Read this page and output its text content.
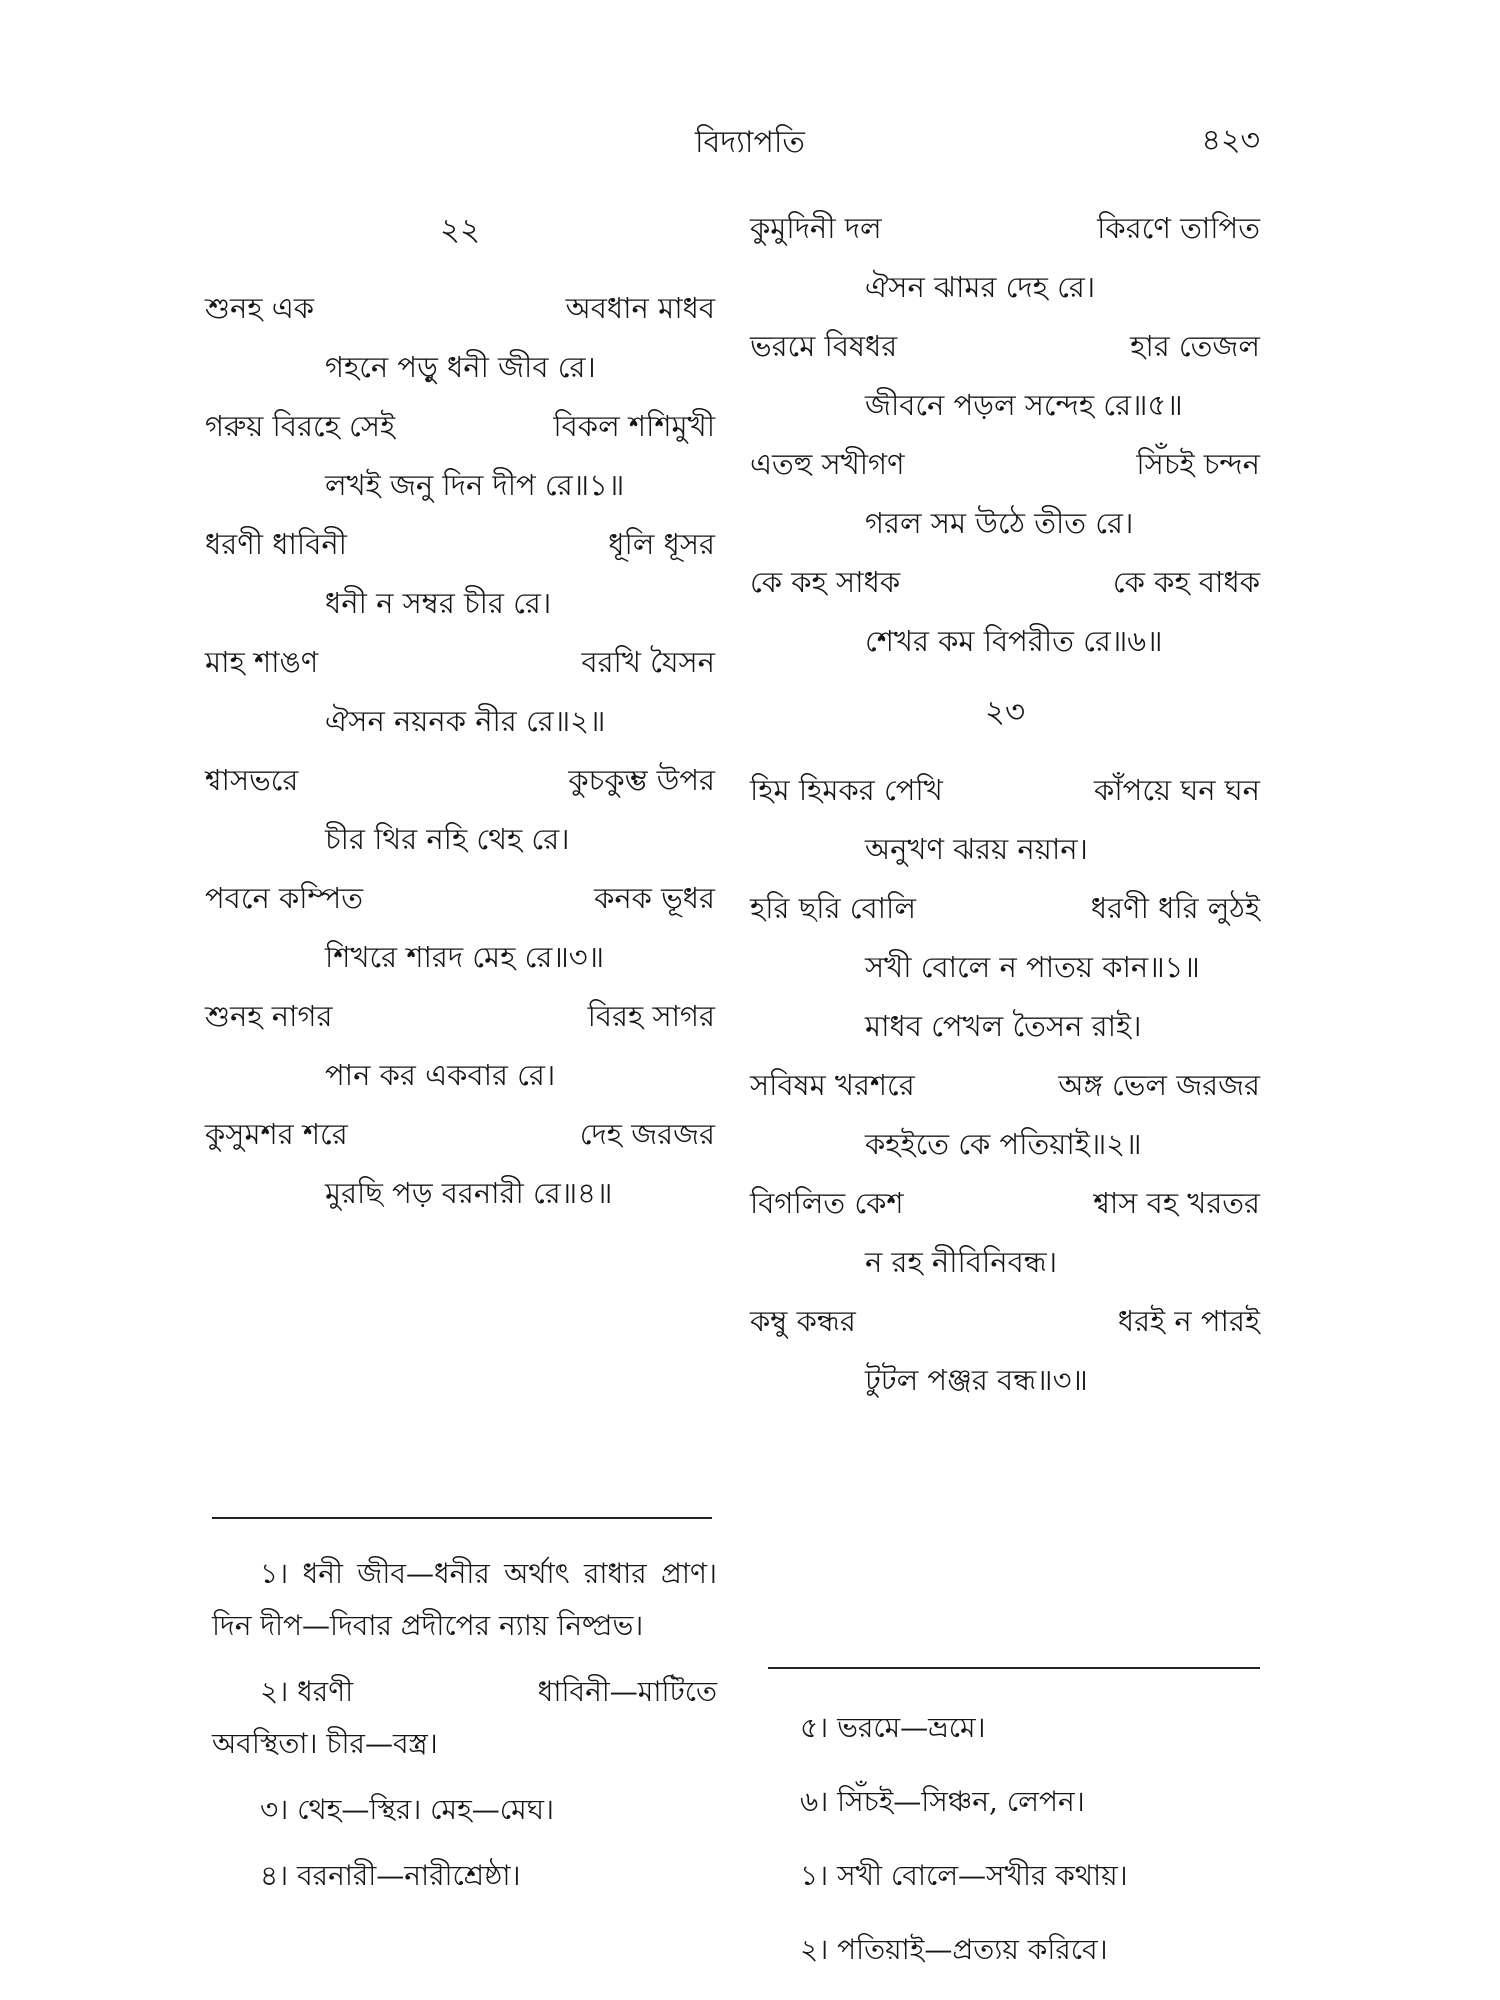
বিদ্যাপতি	৪২৩
২২
শুনহ এক	অবধান মাধব
গহনে পড়ু ধনী জীব রে।
গরুয় বিরহে সেই	বিকল শশিমুখী
লখই জনু দিন দীপ রে॥১॥
ধরণী ধাবিনী	ধূলি ধূসর
ধনী ন সম্বর চীর রে।
মাহ শাঙণ	বরখি যৈসন
ঐসন নয়নক নীর রে॥২॥
শ্বাসভরে	কুচকুম্ভ উপর
চীর থির নহি থেহ রে।
পবনে কম্পিত	কনক ভূধর
শিখরে শারদ মেহ রে॥৩॥
শুনহ নাগর	বিরহ সাগর
পান কর একবার রে।
কুসুমশর শরে	দেহ জরজর
মুরছি পড় বরনারী রে॥৪॥
কুমুদিনী দল	কিরণে তাপিত
ঐসন ঝামর দেহ রে।
ভরমে বিষধর	হার তেজল
জীবনে পড়ল সন্দেহ রে॥৫॥
এতহু সখীগণ	সিঁচই চন্দন
গরল সম উঠে তীত রে।
কে কহ সাধক	কে কহ বাধক
শেখর কম বিপরীত রে॥৬॥
২৩
হিম হিমকর পেখি	কাঁপয়ে ঘন ঘন
অনুখণ ঝরয় নয়ান।
হরি ছরি বোলি	ধরণী ধরি লুঠই
সখী বোলে ন পাতয় কান॥১॥
মাধব পেখল তৈসন রাই।
সবিষম খরশরে	অঙ্গ ভেল জরজর
কহইতে কে পতিয়াই॥২॥
বিগলিত কেশ	শ্বাস বহ খরতর
ন রহ নীবিনিবন্ধ।
কম্বু কন্ধর	ধরই ন পারই
টুটল পঞ্জর বন্ধ॥৩॥
১। ধনী জীব—ধনীর অর্থাৎ রাধার প্রাণ। দিন দীপ—দিবার প্রদীপের ন্যায় নিষ্প্রভ।
২। ধরণী	ধাবিনী—মাটিতে
অবস্থিতা। চীর—বস্ত্র।
৩। থেহ—স্থির। মেহ—মেঘ।
৪। বরনারী—নারীশ্রেষ্ঠা।
৫। ভরমে—ভ্রমে।
৬। সিঁচই—সিঞ্চন, লেপন।
১। সখী বোলে—সখীর কথায়।
২। পতিয়াই—প্রত্যয় করিবে।
